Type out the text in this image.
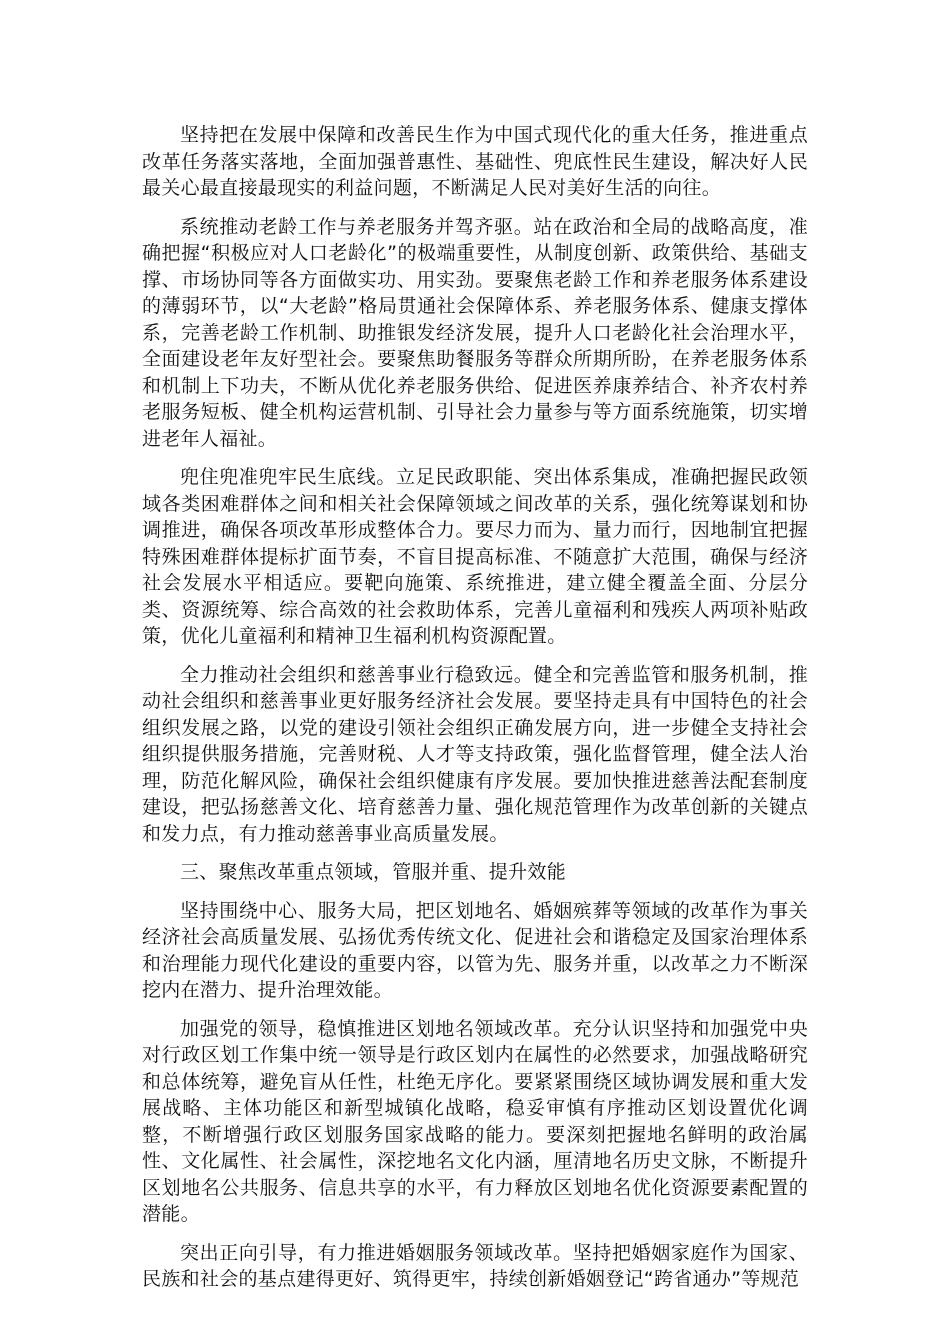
坚持把在发展中保障和改善民生作为中国式现代化的重大任务，推进重点改革任务落实落地，全面加强普惠性、基础性、兜底性民生建设，解决好人民最关心最直接最现实的利益问题，不断满足人民对美好生活的向往。

系统推动老龄工作与养老服务并驾齐驱。站在政治和全局的战略高度，准确把握“积极应对人口老龄化”的极端重要性，从制度创新、政策供给、基础支撑、市场协同等各方面做实功、用实劲。要聚焦老龄工作和养老服务体系建设的薄弱环节，以“大老龄”格局贯通社会保障体系、养老服务体系、健康支撑体系，完善老龄工作机制、助推银发经济发展，提升人口老龄化社会治理水平，全面建设老年友好型社会。要聚焦助餐服务等群众所期所盼，在养老服务体系和机制上下功夫，不断从优化养老服务供给、促进医养康养结合、补齐农村养老服务短板、健全机构运营机制、引导社会力量参与等方面系统施策，切实增进老年人福祉。

兜住兜准兜牢民生底线。立足民政职能、突出体系集成，准确把握民政领域各类困难群体之间和相关社会保障领域之间改革的关系，强化统筹谋划和协调推进，确保各项改革形成整体合力。要尽力而为、量力而行，因地制宜把握特殊困难群体提标扩面节奏，不盲目提高标准、不随意扩大范围，确保与经济社会发展水平相适应。要靶向施策、系统推进，建立健全覆盖全面、分层分类、资源统筹、综合高效的社会救助体系，完善儿童福利和残疾人两项补贴政策，优化儿童福利和精神卫生福利机构资源配置。

全力推动社会组织和慈善事业行稳致远。健全和完善监管和服务机制，推动社会组织和慈善事业更好服务经济社会发展。要坚持走具有中国特色的社会组织发展之路，以党的建设引领社会组织正确发展方向，进一步健全支持社会组织提供服务措施，完善财税、人才等支持政策，强化监督管理，健全法人治理，防范化解风险，确保社会组织健康有序发展。要加快推进慈善法配套制度建设，把弘扬慈善文化、培育慈善力量、强化规范管理作为改革创新的关键点和发力点，有力推动慈善事业高质量发展。

三、聚焦改革重点领域，管服并重、提升效能

坚持围绕中心、服务大局，把区划地名、婚姻殡葬等领域的改革作为事关经济社会高质量发展、弘扬优秀传统文化、促进社会和谐稳定及国家治理体系和治理能力现代化建设的重要内容，以管为先、服务并重，以改革之力不断深挖内在潜力、提升治理效能。

加强党的领导，稳慎推进区划地名领域改革。充分认识坚持和加强党中央对行政区划工作集中统一领导是行政区划内在属性的必然要求，加强战略研究和总体统筹，避免盲从任性，杜绝无序化。要紧紧围绕区域协调发展和重大发展战略、主体功能区和新型城镇化战略，稳妥审慎有序推动区划设置优化调整，不断增强行政区划服务国家战略的能力。要深刻把握地名鲜明的政治属性、文化属性、社会属性，深挖地名文化内涵，厘清地名历史文脉，不断提升区划地名公共服务、信息共享的水平，有力释放区划地名优化资源要素配置的潜能。

突出正向引导，有力推进婚姻服务领域改革。坚持把婚姻家庭作为国家、民族和社会的基点建得更好、筑得更牢，持续创新婚姻登记“跨省通办”等规范
